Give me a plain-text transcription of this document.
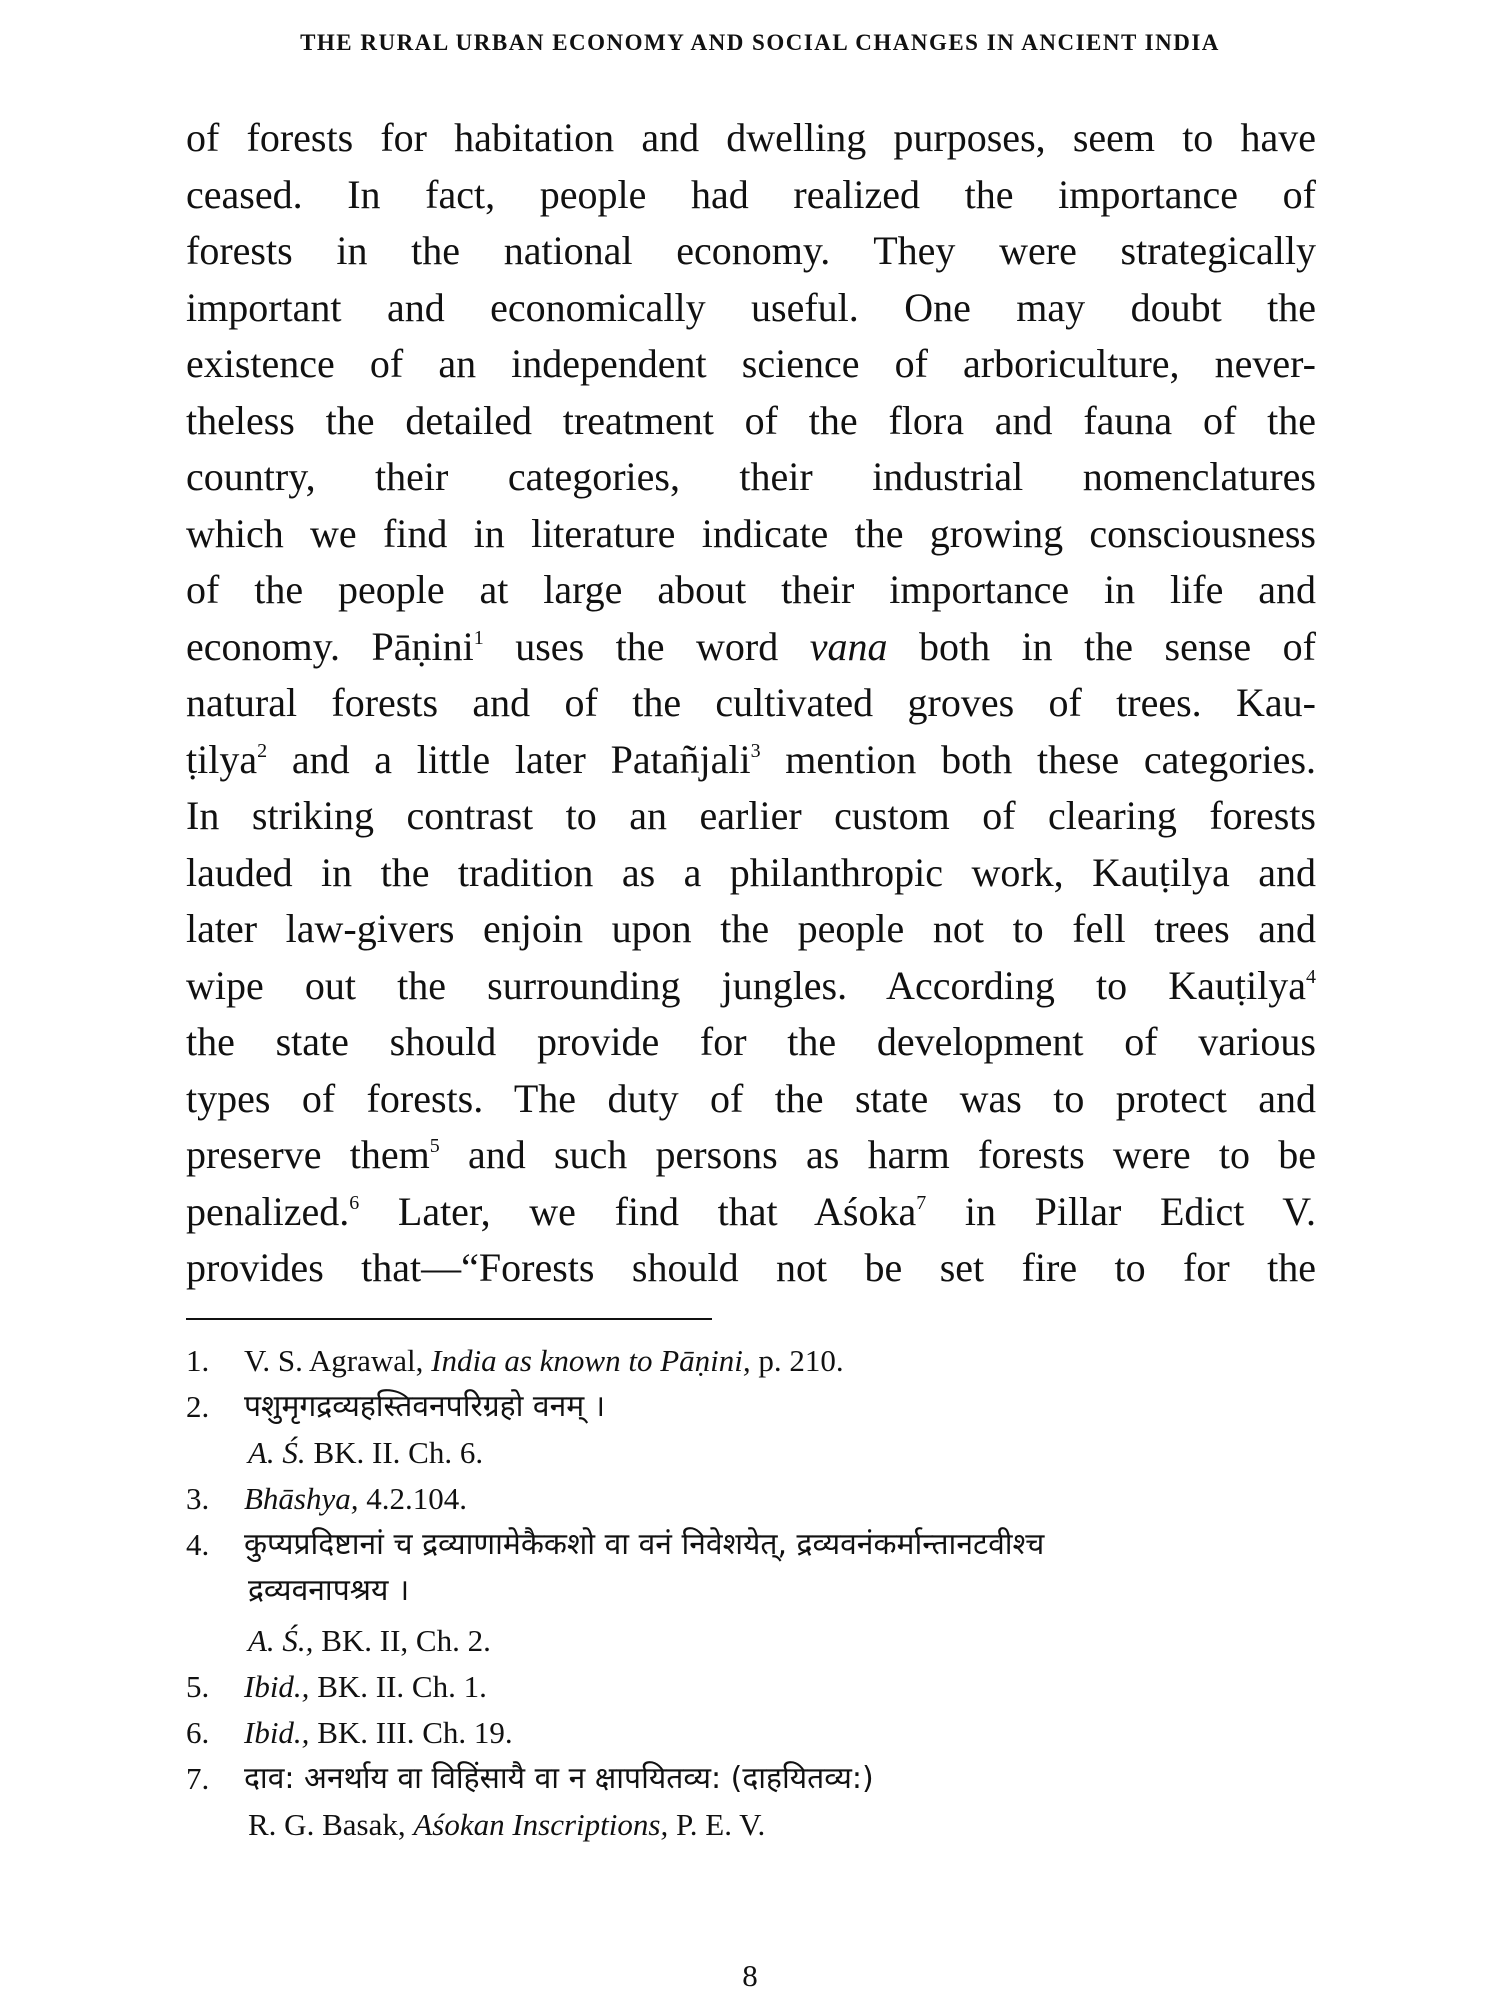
THE RURAL URBAN ECONOMY AND SOCIAL CHANGES IN ANCIENT INDIA
of forests for habitation and dwelling purposes, seem to have
ceased. In fact, people had realized the importance of
forests in the national economy. They were strategically
important and economically useful. One may doubt the
existence of an independent science of arboriculture, never-
theless the detailed treatment of the flora and fauna of the
country, their categories, their industrial nomenclatures
which we find in literature indicate the growing consciousness
of the people at large about their importance in life and
economy. Pāṇini$^1$ uses the word vana both in the sense of
natural forests and of the cultivated groves of trees. Kau-
ṭilya$^2$ and a little later Patañjali$^3$ mention both these categories.
In striking contrast to an earlier custom of clearing forests
lauded in the tradition as a philanthropic work, Kauṭilya and
later law-givers enjoin upon the people not to fell trees and
wipe out the surrounding jungles. According to Kauṭilya$^4$
the state should provide for the development of various
types of forests. The duty of the state was to protect and
preserve them$^5$ and such persons as harm forests were to be
penalized.$^6$ Later, we find that Aśoka$^7$ in Pillar Edict V.
provides that—“Forests should not be set fire to for the
1.	V. S. Agrawal, India as known to Pāṇini, p. 210.
2.	पशुमृगद्रव्यहस्तिवनपरिग्रहो वनम् ।
A. Ś. BK. II. Ch. 6.
3.	Bhāshya, 4.2.104.
4.	कुप्यप्रदिष्टानां च द्रव्याणामेकैकशो वा वनं निवेशयेत्, द्रव्यवनंकर्मान्तानटवीश्च
द्रव्यवनापश्रय ।
A. Ś., BK. II, Ch. 2.
5.	Ibid., BK. II. Ch. 1.
6.	Ibid., BK. III. Ch. 19.
7.	दाव: अनर्थाय वा विहिंसायै वा न क्षापयितव्य: (दाहयितव्य:)
R. G. Basak, Aśokan Inscriptions, P. E. V.
8
